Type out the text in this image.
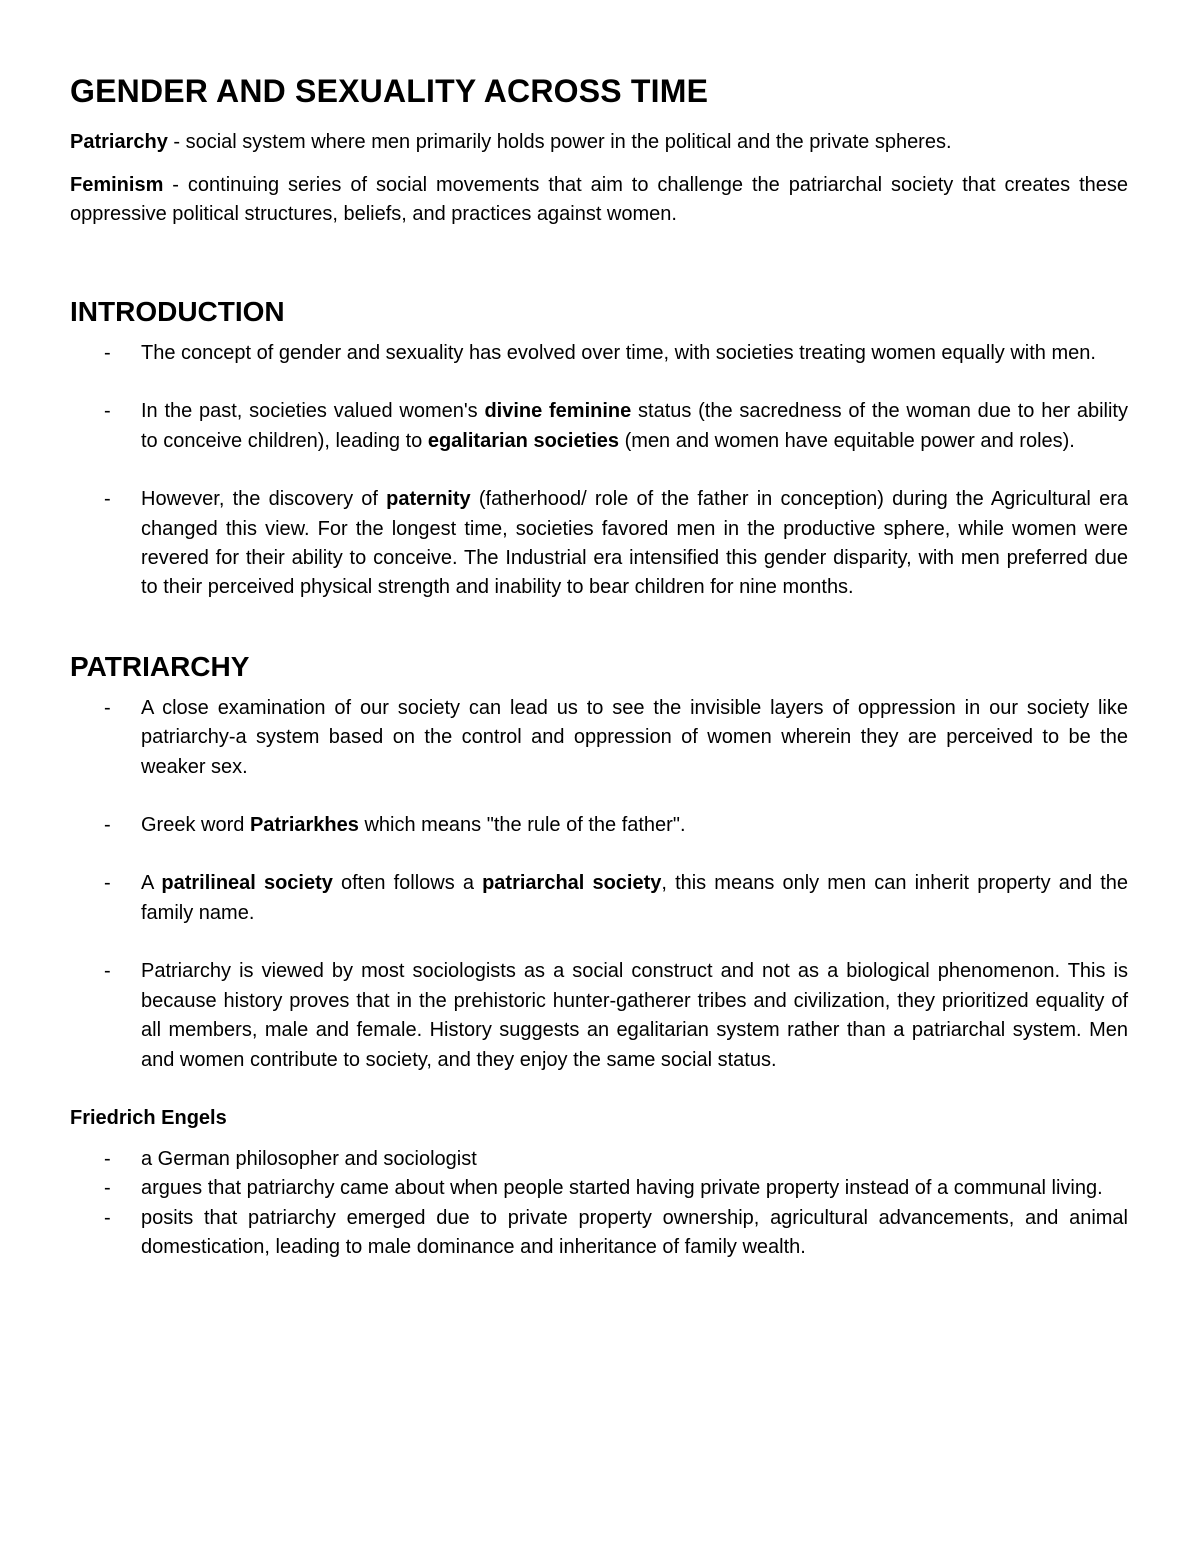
GENDER AND SEXUALITY ACROSS TIME

Patriarchy - social system where men primarily holds power in the political and the private spheres.

Feminism - continuing series of social movements that aim to challenge the patriarchal society that creates these oppressive political structures, beliefs, and practices against women.

INTRODUCTION
- The concept of gender and sexuality has evolved over time, with societies treating women equally with men.
- In the past, societies valued women's divine feminine status (the sacredness of the woman due to her ability to conceive children), leading to egalitarian societies (men and women have equitable power and roles).
- However, the discovery of paternity (fatherhood/ role of the father in conception) during the Agricultural era changed this view. For the longest time, societies favored men in the productive sphere, while women were revered for their ability to conceive. The Industrial era intensified this gender disparity, with men preferred due to their perceived physical strength and inability to bear children for nine months.
PATRIARCHY
- A close examination of our society can lead us to see the invisible layers of oppression in our society like patriarchy-a system based on the control and oppression of women wherein they are perceived to be the weaker sex.
- Greek word Patriarkhes which means "the rule of the father".
- A patrilineal society often follows a patriarchal society, this means only men can inherit property and the family name.
- Patriarchy is viewed by most sociologists as a social construct and not as a biological phenomenon. This is because history proves that in the prehistoric hunter-gatherer tribes and civilization, they prioritized equality of all members, male and female. History suggests an egalitarian system rather than a patriarchal system. Men and women contribute to society, and they enjoy the same social status.
Friedrich Engels
- a German philosopher and sociologist
- argues that patriarchy came about when people started having private property instead of a communal living.
- posits that patriarchy emerged due to private property ownership, agricultural advancements, and animal domestication, leading to male dominance and inheritance of family wealth.
